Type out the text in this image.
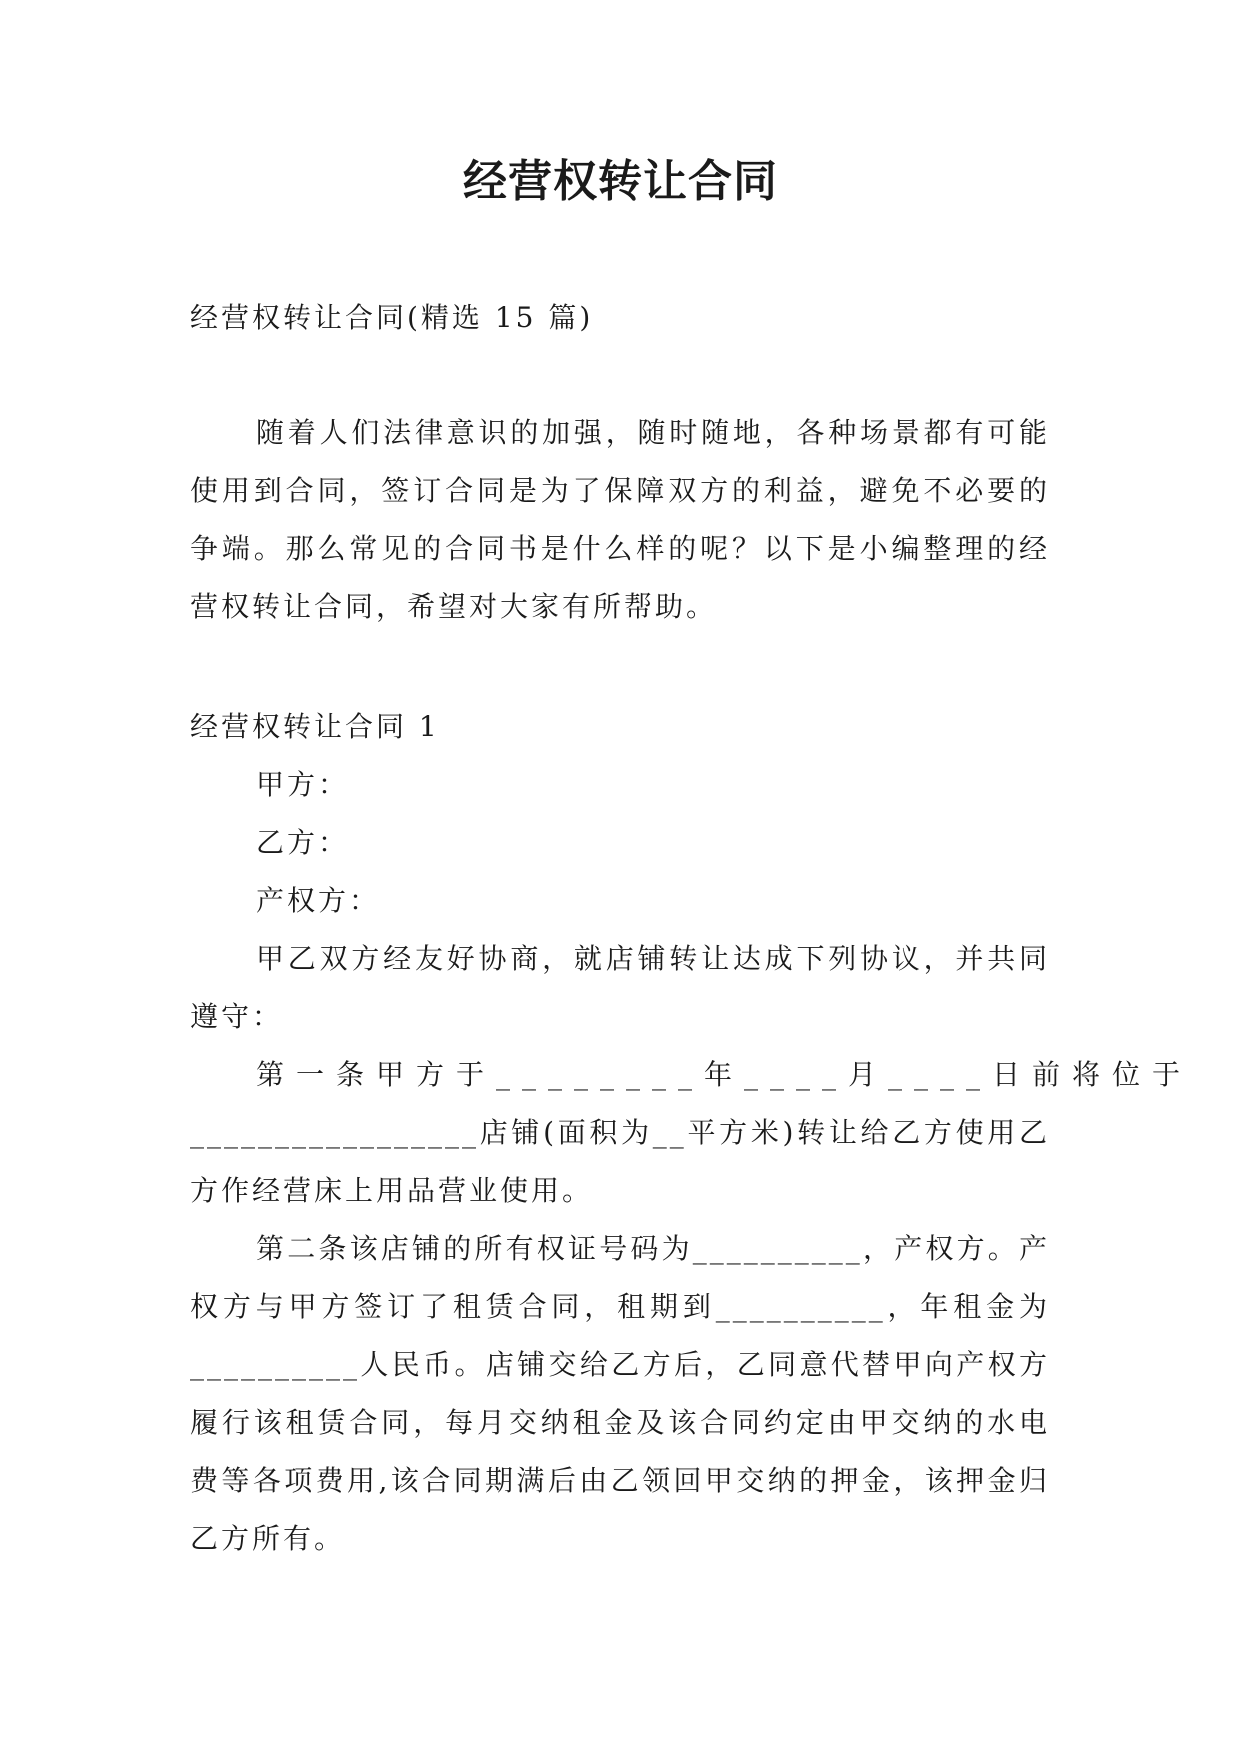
经营权转让合同
经营权转让合同(精选 15 篇)
随着人们法律意识的加强，随时随地，各种场景都有可能使用到合同，签订合同是为了保障双方的利益，避免不必要的争端。那么常见的合同书是什么样的呢？以下是小编整理的经营权转让合同，希望对大家有所帮助。

经营权转让合同 1

甲方：

乙方：

产权方：

甲乙双方经友好协商，就店铺转让达成下列协议，并共同遵守：

第一条甲方于________年____月____日前将位于

_________________店铺(面积为__平方米)转让给乙方使用乙方作经营床上用品营业使用。

第二条该店铺的所有权证号码为__________，产权方。产权方与甲方签订了租赁合同，租期到__________，年租金为__________人民币。店铺交给乙方后，乙同意代替甲向产权方履行该租赁合同，每月交纳租金及该合同约定由甲交纳的水电费等各项费用,该合同期满后由乙领回甲交纳的押金，该押金归乙方所有。
